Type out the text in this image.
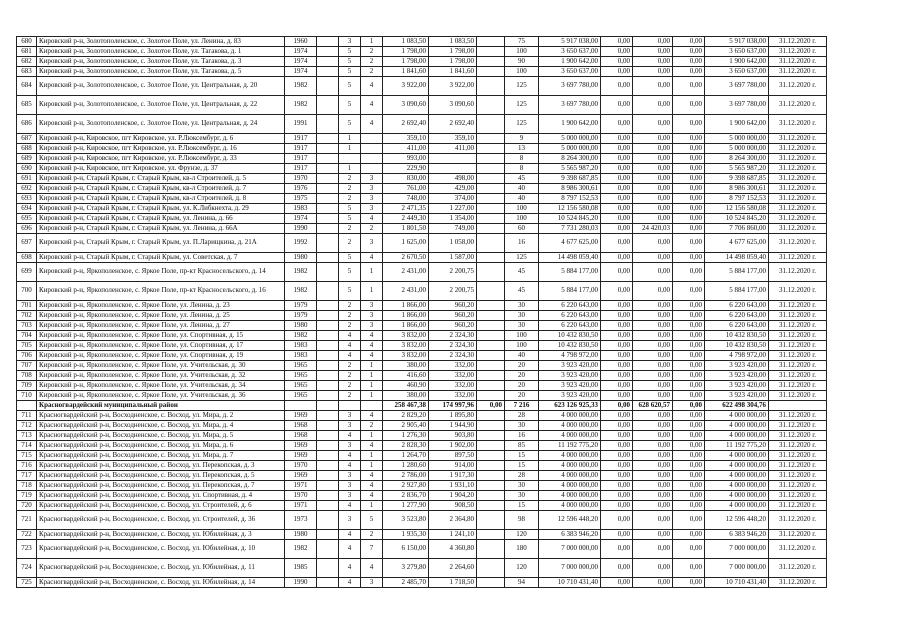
680	Кировский р-н, Золотополенское, с. Золотое Поле, ул. Ленина, д. 83	1960		3	1	1 083,50	1 083,50		75	5 917 038,00	0,00	0,00	0,00	5 917 038,00	31.12.2020 г.
681	Кировский р-н, Золотополенское, с. Золотое Поле, ул. Тагакова, д. 1	1974		5	2	1 798,00	1 798,00		100	3 650 637,00	0,00	0,00	0,00	3 650 637,00	31.12.2020 г.
682	Кировский р-н, Золотополенское, с. Золотое Поле, ул. Тагакова, д. 3	1974		5	2	1 798,00	1 798,00		90	1 900 642,00	0,00	0,00	0,00	1 900 642,00	31.12.2020 г.
683	Кировский р-н, Золотополенское, с. Золотое Поле, ул. Тагакова, д. 5	1974		5	2	1 841,60	1 841,60		100	3 650 637,00	0,00	0,00	0,00	3 650 637,00	31.12.2020 г.
684	Кировский р-н, Золотополенское, с. Золотое Поле, ул. Центральная, д. 20	1982		5	4	3 922,00	3 922,00		125	3 697 780,00	0,00	0,00	0,00	3 697 780,00	31.12.2020 г.
685	Кировский р-н, Золотополенское, с. Золотое Поле, ул. Центральная, д. 22	1982		5	4	3 090,60	3 090,60		125	3 697 780,00	0,00	0,00	0,00	3 697 780,00	31.12.2020 г.
686	Кировский р-н, Золотополенское, с. Золотое Поле, ул. Центральная, д. 24	1991		5	4	2 692,40	2 692,40		125	1 900 642,00	0,00	0,00	0,00	1 900 642,00	31.12.2020 г.
687	Кировский р-н, Кировское, пгт Кировское, ул. Р.Люксембург, д. 6	1917		1		359,10	359,10		9	5 000 000,00	0,00	0,00	0,00	5 000 000,00	31.12.2020 г.
688	Кировский р-н, Кировское, пгт Кировское, ул. Р.Люксембург, д. 16	1917		1		411,00	411,00		13	5 000 000,00	0,00	0,00	0,00	5 000 000,00	31.12.2020 г.
689	Кировский р-н, Кировское, пгт Кировское, ул. Р.Люксембург, д. 33	1917				993,00			8	8 264 300,00	0,00	0,00	0,00	8 264 300,00	31.12.2020 г.
690	Кировский р-н, Кировское, пгт Кировское, ул. Фрунзе, д. 37	1917		1		229,90			8	5 565 987,20	0,00	0,00	0,00	5 565 987,20	31.12.2020 г.
691	Кировский р-н, Старый Крым, г. Старый Крым, кв-л Строителей, д. 5	1970		2	3	830,00	498,00		45	9 398 687,85	0,00	0,00	0,00	9 398 687,85	31.12.2020 г.
692	Кировский р-н, Старый Крым, г. Старый Крым, кв-л Строителей, д. 7	1976		2	3	761,00	429,00		40	8 986 300,61	0,00	0,00	0,00	8 986 300,61	31.12.2020 г.
693	Кировский р-н, Старый Крым, г. Старый Крым, кв-л Строителей, д. 8	1975		2	3	748,00	374,00		40	8 797 152,53	0,00	0,00	0,00	8 797 152,53	31.12.2020 г.
694	Кировский р-н, Старый Крым, г. Старый Крым, ул. К.Либкнехта, д. 29	1983		5	3	2 471,35	1 227,00		100	12 156 580,08	0,00	0,00	0,00	12 156 580,08	31.12.2020 г.
695	Кировский р-н, Старый Крым, г. Старый Крым, ул. Ленина, д. 66	1974		5	4	2 449,30	1 354,00		100	10 524 845,20	0,00	0,00	0,00	10 524 845,20	31.12.2020 г.
696	Кировский р-н, Старый Крым, г. Старый Крым, ул. Ленина, д. 66А	1990		2	2	1 801,50	749,00		60	7 731 280,03	0,00	24 420,03	0,00	7 706 860,00	31.12.2020 г.
697	Кировский р-н, Старый Крым, г. Старый Крым, ул. П.Ларищкина, д. 21А	1992		2	3	1 625,00	1 058,00		16	4 677 625,00	0,00	0,00	0,00	4 677 625,00	31.12.2020 г.
698	Кировский р-н, Старый Крым, г. Старый Крым, ул. Советская, д. 7	1980		5	4	2 670,50	1 587,00		125	14 498 059,40	0,00	0,00	0,00	14 498 059,40	31.12.2020 г.
699	Кировский р-н, Яркополенское, с. Яркое Поле, пр-кт Красносельского, д. 14	1982		5	1	2 431,00	2 200,75		45	5 884 177,00	0,00	0,00	0,00	5 884 177,00	31.12.2020 г.
700	Кировский р-н, Яркополенское, с. Яркое Поле, пр-кт Красносельского, д. 16	1982		5	1	2 431,00	2 200,75		45	5 884 177,00	0,00	0,00	0,00	5 884 177,00	31.12.2020 г.
701	Кировский р-н, Яркополенское, с. Яркое Поле, ул. Ленина, д. 23	1979		2	3	1 866,00	960,20		30	6 220 643,00	0,00	0,00	0,00	6 220 643,00	31.12.2020 г.
702	Кировский р-н, Яркополенское, с. Яркое Поле, ул. Ленина, д. 25	1979		2	3	1 866,00	960,20		30	6 220 643,00	0,00	0,00	0,00	6 220 643,00	31.12.2020 г.
703	Кировский р-н, Яркополенское, с. Яркое Поле, ул. Ленина, д. 27	1980		2	3	1 866,00	960,20		30	6 220 643,00	0,00	0,00	0,00	6 220 643,00	31.12.2020 г.
704	Кировский р-н, Яркополенское, с. Яркое Поле, ул. Спортивная, д. 15	1982		4	4	3 832,00	2 324,30		100	10 432 830,50	0,00	0,00	0,00	10 432 830,50	31.12.2020 г.
705	Кировский р-н, Яркополенское, с. Яркое Поле, ул. Спортивная, д. 17	1983		4	4	3 832,00	2 324,30		100	10 432 830,50	0,00	0,00	0,00	10 432 830,50	31.12.2020 г.
706	Кировский р-н, Яркополенское, с. Яркое Поле, ул. Спортивная, д. 19	1983		4	4	3 832,00	2 324,30		40	4 798 972,00	0,00	0,00	0,00	4 798 972,00	31.12.2020 г.
707	Кировский р-н, Яркополенское, с. Яркое Поле, ул. Учительская, д. 30	1965		2	1	380,00	332,00		20	3 923 420,00	0,00	0,00	0,00	3 923 420,00	31.12.2020 г.
708	Кировский р-н, Яркополенское, с. Яркое Поле, ул. Учительская, д. 32	1965		2	1	416,60	332,00		20	3 923 420,00	0,00	0,00	0,00	3 923 420,00	31.12.2020 г.
709	Кировский р-н, Яркополенское, с. Яркое Поле, ул. Учительская, д. 34	1965		2	1	460,90	332,00		20	3 923 420,00	0,00	0,00	0,00	3 923 420,00	31.12.2020 г.
710	Кировский р-н, Яркополенское, с. Яркое Поле, ул. Учительская, д. 36	1965		2	1	380,00	332,00		20	3 923 420,00	0,00	0,00	0,00	3 923 420,00	31.12.2020 г.
	Красногвардейский муниципальный район					258 467,38	174 997,96	0,00	7 216	623 126 925,33	0,00	628 620,57	0,00	622 498 304,76	
711	Красногвардейский р-н, Восходненское, с. Восход, ул. Мира, д. 2	1969		3	4	2 829,20	1 895,80		28	4 000 000,00	0,00	0,00	0,00	4 000 000,00	31.12.2020 г.
712	Красногвардейский р-н, Восходненское, с. Восход, ул. Мира, д. 4	1968		3	2	2 905,40	1 944,90		30	4 000 000,00	0,00	0,00	0,00	4 000 000,00	31.12.2020 г.
713	Красногвардейский р-н, Восходненское, с. Восход, ул. Мира, д. 5	1968		4	1	1 276,30	903,80		16	4 000 000,00	0,00	0,00	0,00	4 000 000,00	31.12.2020 г.
714	Красногвардейский р-н, Восходненское, с. Восход, ул. Мира, д. 6	1969		3	4	2 828,30	1 902,00		85	11 192 775,20	0,00	0,00	0,00	11 192 775,20	31.12.2020 г.
715	Красногвардейский р-н, Восходненское, с. Восход, ул. Мира, д. 7	1969		4	1	1 264,70	897,50		15	4 000 000,00	0,00	0,00	0,00	4 000 000,00	31.12.2020 г.
716	Красногвардейский р-н, Восходненское, с. Восход, ул. Перекопская, д. 3	1970		4	1	1 280,60	914,00		15	4 000 000,00	0,00	0,00	0,00	4 000 000,00	31.12.2020 г.
717	Красногвардейский р-н, Восходненское, с. Восход, ул. Перекопская, д. 5	1969		3	4	2 786,00	1 917,30		28	4 000 000,00	0,00	0,00	0,00	4 000 000,00	31.12.2020 г.
718	Красногвардейский р-н, Восходненское, с. Восход, ул. Перекопская, д. 7	1971		3	4	2 927,80	1 931,10		30	4 000 000,00	0,00	0,00	0,00	4 000 000,00	31.12.2020 г.
719	Красногвардейский р-н, Восходненское, с. Восход, ул. Спортивная, д. 4	1970		3	4	2 836,70	1 904,20		30	4 000 000,00	0,00	0,00	0,00	4 000 000,00	31.12.2020 г.
720	Красногвардейский р-н, Восходненское, с. Восход, ул. Строителей, д. 6	1971		4	1	1 277,90	908,50		15	4 000 000,00	0,00	0,00	0,00	4 000 000,00	31.12.2020 г.
721	Красногвардейский р-н, Восходненское, с. Восход, ул. Строителей, д. 36	1973		3	5	3 523,80	2 364,80		98	12 596 448,20	0,00	0,00	0,00	12 596 448,20	31.12.2020 г.
722	Красногвардейский р-н, Восходненское, с. Восход, ул. Юбилейная, д. 3	1980		4	2	1 935,30	1 241,10		120	6 383 946,20	0,00	0,00	0,00	6 383 946,20	31.12.2020 г.
723	Красногвардейский р-н, Восходненское, с. Восход, ул. Юбилейная, д. 10	1982		4	7	6 150,00	4 360,80		180	7 000 000,00	0,00	0,00	0,00	7 000 000,00	31.12.2020 г.
724	Красногвардейский р-н, Восходненское, с. Восход, ул. Юбилейная, д. 11	1985		4	4	3 279,80	2 264,60		120	7 000 000,00	0,00	0,00	0,00	7 000 000,00	31.12.2020 г.
725	Красногвардейский р-н, Восходненское, с. Восход, ул. Юбилейная, д. 14	1990		4	3	2 485,70	1 718,50		94	10 710 431,40	0,00	0,00	0,00	10 710 431,40	31.12.2020 г.
